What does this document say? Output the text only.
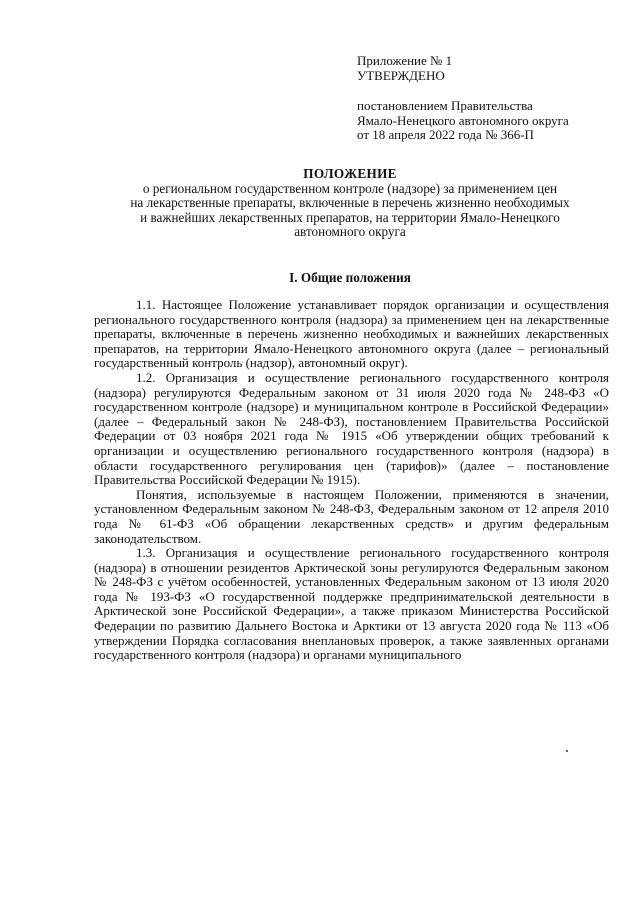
Приложение № 1
УТВЕРЖДЕНО
постановлением Правительства
Ямало-Ненецкого автономного округа
от 18 апреля 2022 года № 366-П
ПОЛОЖЕНИЕ
о региональном государственном контроле (надзоре) за применением цен
на лекарственные препараты, включенные в перечень жизненно необходимых
и важнейших лекарственных препаратов, на территории Ямало-Ненецкого
автономного округа
I. Общие положения

1.1. Настоящее Положение устанавливает порядок организации и осуществления регионального государственного контроля (надзора) за применением цен на лекарственные препараты, включенные в перечень жизненно необходимых и важнейших лекарственных препаратов, на территории Ямало-Ненецкого автономного округа (далее – региональный государственный контроль (надзор), автономный округ).

1.2. Организация и осуществление регионального государственного контроля (надзора) регулируются Федеральным законом от 31 июля 2020 года № 248-ФЗ «О государственном контроле (надзоре) и муниципальном контроле в Российской Федерации» (далее – Федеральный закон № 248-ФЗ), постановлением Правительства Российской Федерации от 03 ноября 2021 года № 1915 «Об утверждении общих требований к организации и осуществлению регионального государственного контроля (надзора) в области государственного регулирования цен (тарифов)» (далее – постановление Правительства Российской Федерации № 1915).

Понятия, используемые в настоящем Положении, применяются в значении, установленном Федеральным законом № 248-ФЗ, Федеральным законом от 12 апреля 2010 года № 61-ФЗ «Об обращении лекарственных средств» и другим федеральным законодательством.

1.3. Организация и осуществление регионального государственного контроля (надзора) в отношении резидентов Арктической зоны регулируются Федеральным законом № 248-ФЗ с учётом особенностей, установленных Федеральным законом от 13 июля 2020 года № 193-ФЗ «О государственной поддержке предпринимательской деятельности в Арктической зоне Российской Федерации», а также приказом Министерства Российской Федерации по развитию Дальнего Востока и Арктики от 13 августа 2020 года № 113 «Об утверждении Порядка согласования внеплановых проверок, а также заявленных органами государственного контроля (надзора) и органами муниципального
